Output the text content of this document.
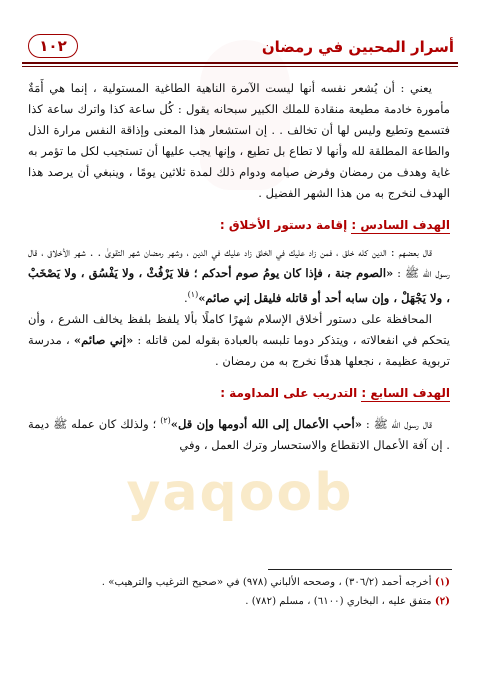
أسرار المحبين في رمضان
١٠٢

يعني : أن يُشعر نفسه أنها ليست الآمرة الناهية الطاغية المستولية ، إنما هي أَمَةٌ مأمورة خادمة مطيعة منقادة للملك الكبير سبحانه يقول : كُل ساعة كذا واترك ساعة كذا فتسمع وتطيع وليس لها أن تخالف . . إن استشعار هذا المعنى وإذاقة النفس مرارة الذل والطاعة المطلقة لله وأنها لا تطاع بل تطيع ، وإنها يجب عليها أن تستجيب لكل ما تؤمر به غاية وهدف من رمضان وفرض صيامه ودوام ذلك لمدة ثلاثين يومًا ، وينبغي أن يرصد هذا الهدف لنخرج به من هذا الشهر الفضيل .

الهدف السادس : إقامة دستور الأخلاق :

قال بعضهم : الدين كله خلق ، فمن زاد عليك في الخلق زاد عليك في الدين ، وشهر رمضان شهر التقوىٰ . . شهر الأخلاق ، قال رسول الله ﷺ : «الصوم جنة ، فإذا كان يومُ صوم أحدكم ؛ فلا يَرْفُثْ ، ولا يَفْسُق ، ولا يَصْخَبْ ، ولا يَجْهَلْ ، وإن سابه أحد أو قاتله فليقل إني صائم»$^{(١)}$.

المحافظة على دستور أخلاق الإسلام شهرًا كاملًا بألا يلفظ بلفظ يخالف الشرع ، وأن يتحكم في انفعالاته ، ويتذكر دوما تلبسه بالعبادة بقوله لمن قاتله : «إني صائم» ، مدرسة تربوية عظيمة ، نجعلها هدفًا نخرج به من رمضان .

الهدف السابع : التدريب على المداومة :

قال رسول الله ﷺ : «أحب الأعمال إلى الله أدومها وإن قل»$^{(٢)}$ ؛ ولذلك كان عمله ﷺ ديمة . إن آفة الأعمال الانقطاع والاستحسار وترك العمل ، وفي

yaqoob

(١) أخرجه أحمد (٣٠٦/٢) ، وصححه الألباني (٩٧٨) في «صحيح الترغيب والترهيب» .

(٢) متفق عليه ، البخاري (٦١٠٠) ، مسلم (٧٨٢) .
